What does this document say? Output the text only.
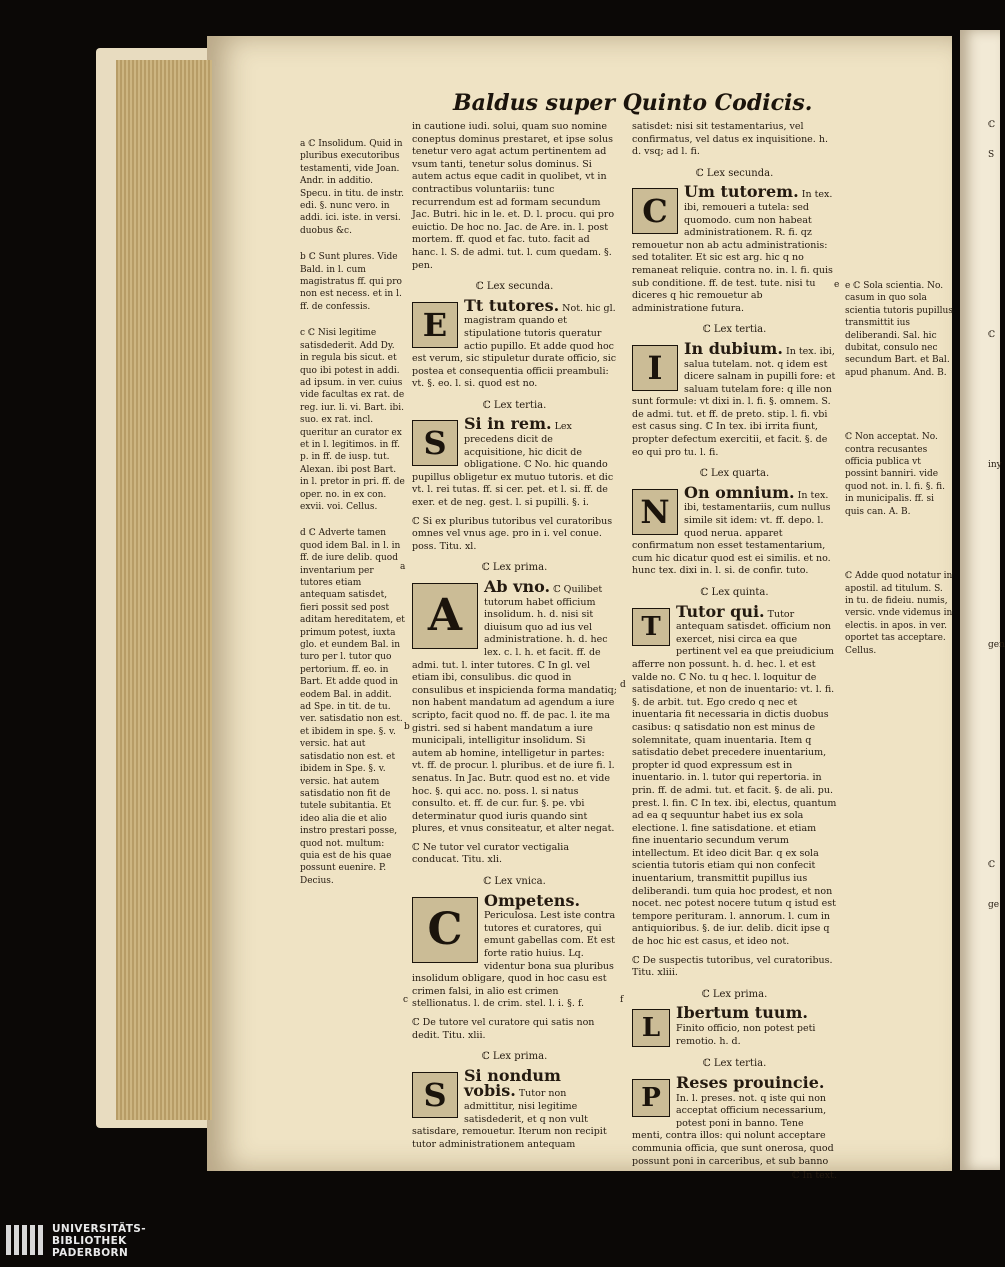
ℂ
S
ℂ
gen
ℂ
ge
iny
Baldus super Quinto Codicis.

a ℂ Insolidum. Quid in pluribus executoribus testamenti, vide Joan. Andr. in additio. Specu. in titu. de instr. edi. §. nunc vero. in addi. ici. iste. in versi. duobus &c.

b ℂ Sunt plures. Vide Bald. in l. cum magistratus ff. qui pro non est necess. et in l. ff. de confessis.

c ℂ Nisi legitime satisdederit. Add Dy. in regula bis sicut. et quo ibi potest in addi. ad ipsum. in ver. cuius vide facultas ex rat. de reg. iur. li. vi. Bart. ibi. suo. ex rat. incl. queritur an curator ex et in l. legitimos. in ff. p. in ff. de iusp. tut. Alexan. ibi post Bart. in l. pretor in pri. ff. de oper. no. in ex con. exvii. voi. Cellus.

d ℂ Adverte tamen quod idem Bal. in l. in ff. de iure delib. quod inventarium per tutores etiam antequam satisdet, fieri possit sed post aditam hereditatem, et primum potest, iuxta glo. et eundem Bal. in turo per l. tutor quo pertorium. ff. eo. in Bart. Et adde quod in eodem Bal. in addit. ad Spe. in tit. de tu. ver. satisdatio non est. et ibidem in spe. §. v. versic. hat aut satisdatio non est. et ibidem in Spe. §. v. versic. hat autem satisdatio non fit de tutele subitantia. Et ideo alia die et alio instro prestari posse, quod not. multum: quia est de his quae possunt euenire. P. Decius.

in cautione iudi. solui, quam suo nomine coneptus dominus prestaret, et ipse solus tenetur vero agat actum pertinentem ad vsum tanti, tenetur solus dominus. Si autem actus eque cadit in quolibet, vt in contractibus voluntariis: tunc recurrendum est ad formam secundum Jac. Butri. hic in le. et. D. l. procu. qui pro euictio. De hoc no. Jac. de Are. in. l. post mortem. ff. quod et fac. tuto. facit ad hanc. l. S. de admi. tut. l. cum quedam. §. pen.

ℂ Lex secunda.
E
Tt tutores. Not. hic gl. magistram quando et stipulatione tutoris queratur actio pupillo. Et adde quod hoc est verum, sic stipuletur durate officio, sic postea et consequentia officii preambuli: vt. §. eo. l. si. quod est no.
ℂ Lex tertia.
S
Si in rem. Lex precedens dicit de acquisitione, hic dicit de obligatione. ℂ No. hic quando pupillus obligetur ex mutuo tutoris. et dic vt. l. rei tutas. ff. si cer. pet. et l. si. ff. de exer. et de neg. gest. l. si pupilli. §. i.
ℂ Si ex pluribus tutoribus vel curatoribus omnes vel vnus age. pro in i. vel conue. poss. Titu. xl.
ℂ Lex prima.
A
Ab vno. ℂ Quilibet tutorum habet officium insolidum. h. d. nisi sit diuisum quo ad ius vel administratione. h. d. hec lex. c. l. h. et facit. ff. de admi. tut. l. inter tutores. ℂ In gl. vel etiam ibi, consulibus. dic quod in consulibus et inspicienda forma mandatiq; non habent mandatum ad agendum a iure scripto, facit quod no. ff. de pac. l. ite ma gistri. sed si habent mandatum a iure municipali, intelligitur insolidum. Si autem ab homine, intelligetur in partes: vt. ff. de procur. l. pluribus. et de iure fi. l. senatus. In Jac. Butr. quod est no. et vide hoc. §. qui acc. no. poss. l. si natus consulto. et. ff. de cur. fur. §. pe. vbi determinatur quod iuris quando sint plures, et vnus consiteatur, et alter negat.
ℂ Ne tutor vel curator vectigalia conducat. Titu. xli.
ℂ Lex vnica.
C
Ompetens. Periculosa. Lest iste contra tutores et curatores, qui emunt gabellas com. Et est forte ratio huius. Lq. videntur bona sua pluribus insolidum obligare, quod in hoc casu est crimen falsi, in alio est crimen stellionatus. l. de crim. stel. l. i. §. f.
ℂ De tutore vel curatore qui satis non dedit. Titu. xlii.
ℂ Lex prima.
S
Si nondum vobis. Tutor non admittitur, nisi legitime satisdederit, et q non vult satisdare, remouetur. Iterum non recipit tutor administrationem antequam

satisdet: nisi sit testamentarius, vel confirmatus, vel datus ex inquisitione. h. d. vsq; ad l. fi.

ℂ Lex secunda.
C
Um tutorem. In tex. ibi, remoueri a tutela: sed quomodo. cum non habeat administrationem. R. fi. qz remouetur non ab actu administrationis: sed totaliter. Et sic est arg. hic q no remaneat reliquie. contra no. in. l. fi. quis sub conditione. ff. de test. tute. nisi tu diceres q hic remouetur ab administratione futura.
ℂ Lex tertia.
I
In dubium. In tex. ibi, salua tutelam. not. q idem est dicere salnam in pupilli fore: et saluam tutelam fore: q ille non sunt formule: vt dixi in. l. fi. §. omnem. S. de admi. tut. et ff. de preto. stip. l. fi. vbi est casus sing. ℂ In tex. ibi irrita fiunt, propter defectum exercitii, et facit. §. de eo qui pro tu. l. fi.
ℂ Lex quarta.
N
On omnium. In tex. ibi, testamentariis, cum nullus simile sit idem: vt. ff. depo. l. quod nerua. apparet confirmatum non esset testamentarium, cum hic dicatur quod est ei similis. et no. hunc tex. dixi in. l. si. de confir. tuto.
ℂ Lex quinta.
T
Tutor qui. Tutor antequam satisdet. officium non exercet, nisi circa ea que pertinent vel ea que preiudicium afferre non possunt. h. d. hec. l. et est valde no. ℂ No. tu q hec. l. loquitur de satisdatione, et non de inuentario: vt. l. fi. §. de arbit. tut. Ego credo q nec et inuentaria fit necessaria in dictis duobus casibus: q satisdatio non est minus de solemnitate, quam inuentaria. Item q satisdatio debet precedere inuentarium, propter id quod expressum est in inuentario. in. l. tutor qui repertoria. in prin. ff. de admi. tut. et facit. §. de ali. pu. prest. l. fin. ℂ In tex. ibi, electus, quantum ad ea q sequuntur habet ius ex sola electione. l. fine satisdatione. et etiam fine inuentario secundum verum intellectum. Et ideo dicit Bar. q ex sola scientia tutoris etiam qui non confecit inuentarium, transmittit pupillus ius deliberandi. tum quia hoc prodest, et non nocet. nec potest nocere tutum q istud est tempore perituram. l. annorum. l. cum in antiquioribus. §. de iur. delib. dicit ipse q de hoc hic est casus, et ideo not.
ℂ De suspectis tutoribus, vel curatoribus. Titu. xliii.
ℂ Lex prima.
L
Ibertum tuum. Finito officio, non potest peti remotio. h. d.
ℂ Lex tertia.
P
Reses prouincie. In. l. preses. not. q iste qui non acceptat officium necessarium, potest poni in banno. Tene menti, contra illos: qui nolunt acceptare communia officia, que sunt onerosa, quod possunt poni in carceribus, et sub banno
ℂ In text.

e ℂ Sola scientia. No. casum in quo sola scientia tutoris pupillus transmittit ius deliberandi. Sal. hic dubitat, consulo nec secundum Bart. et Bal. apud phanum. And. B.

ℂ Non acceptat. No. contra recusantes officia publica vt possint banniri. vide quod not. in. l. fi. §. fi. in municipalis. ff. si quis can. A. B.

ℂ Adde quod notatur in apostil. ad titulum. S. in tu. de fideiu. numis, versic. vnde videmus in electis. in apos. in ver. oportet tas acceptare. Cellus.

a
b
d
e
c	f
UNIVERSITÄTS-
BIBLIOTHEK
PADERBORN
